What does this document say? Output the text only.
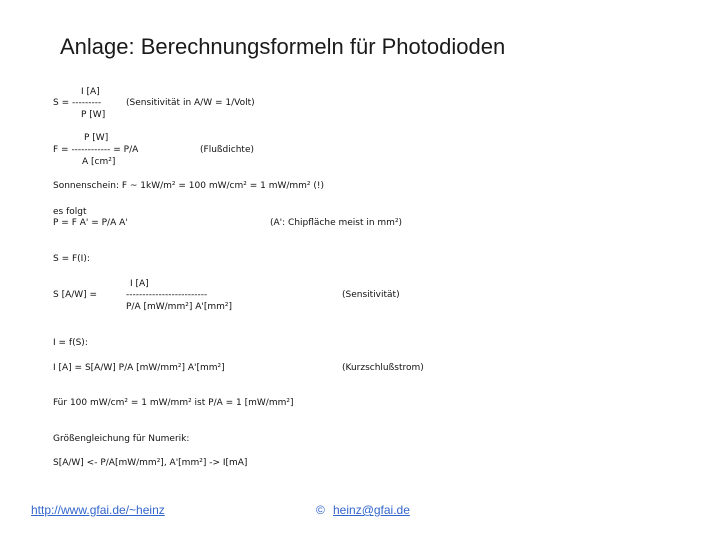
Anlage: Berechnungsformeln für Photodioden
I [A]
S = ---------
P [W]
(Sensitivität in A/W = 1/Volt)
P [W]
F = ------------ = P/A
A [cm²]
(Flußdichte)
Sonnenschein: F ~ 1kW/m² = 100 mW/cm² = 1 mW/mm² (!)
es folgt
P = F A' = P/A A'	(A': Chipfläche meist in mm²)
S = F(I):
I [A]
S [A/W] =	-------------------------
P/A [mW/mm²] A'[mm²]
(Sensitivität)
I = f(S):
I [A] = S[A/W] P/A [mW/mm²] A'[mm²]	(Kurzschlußstrom)
Für 100 mW/cm² = 1 mW/mm² ist P/A = 1 [mW/mm²]
Größengleichung für Numerik:
S[A/W] <- P/A[mW/mm²], A'[mm²] -> I[mA]
http://www.gfai.de/~heinz	© heinz@gfai.de
